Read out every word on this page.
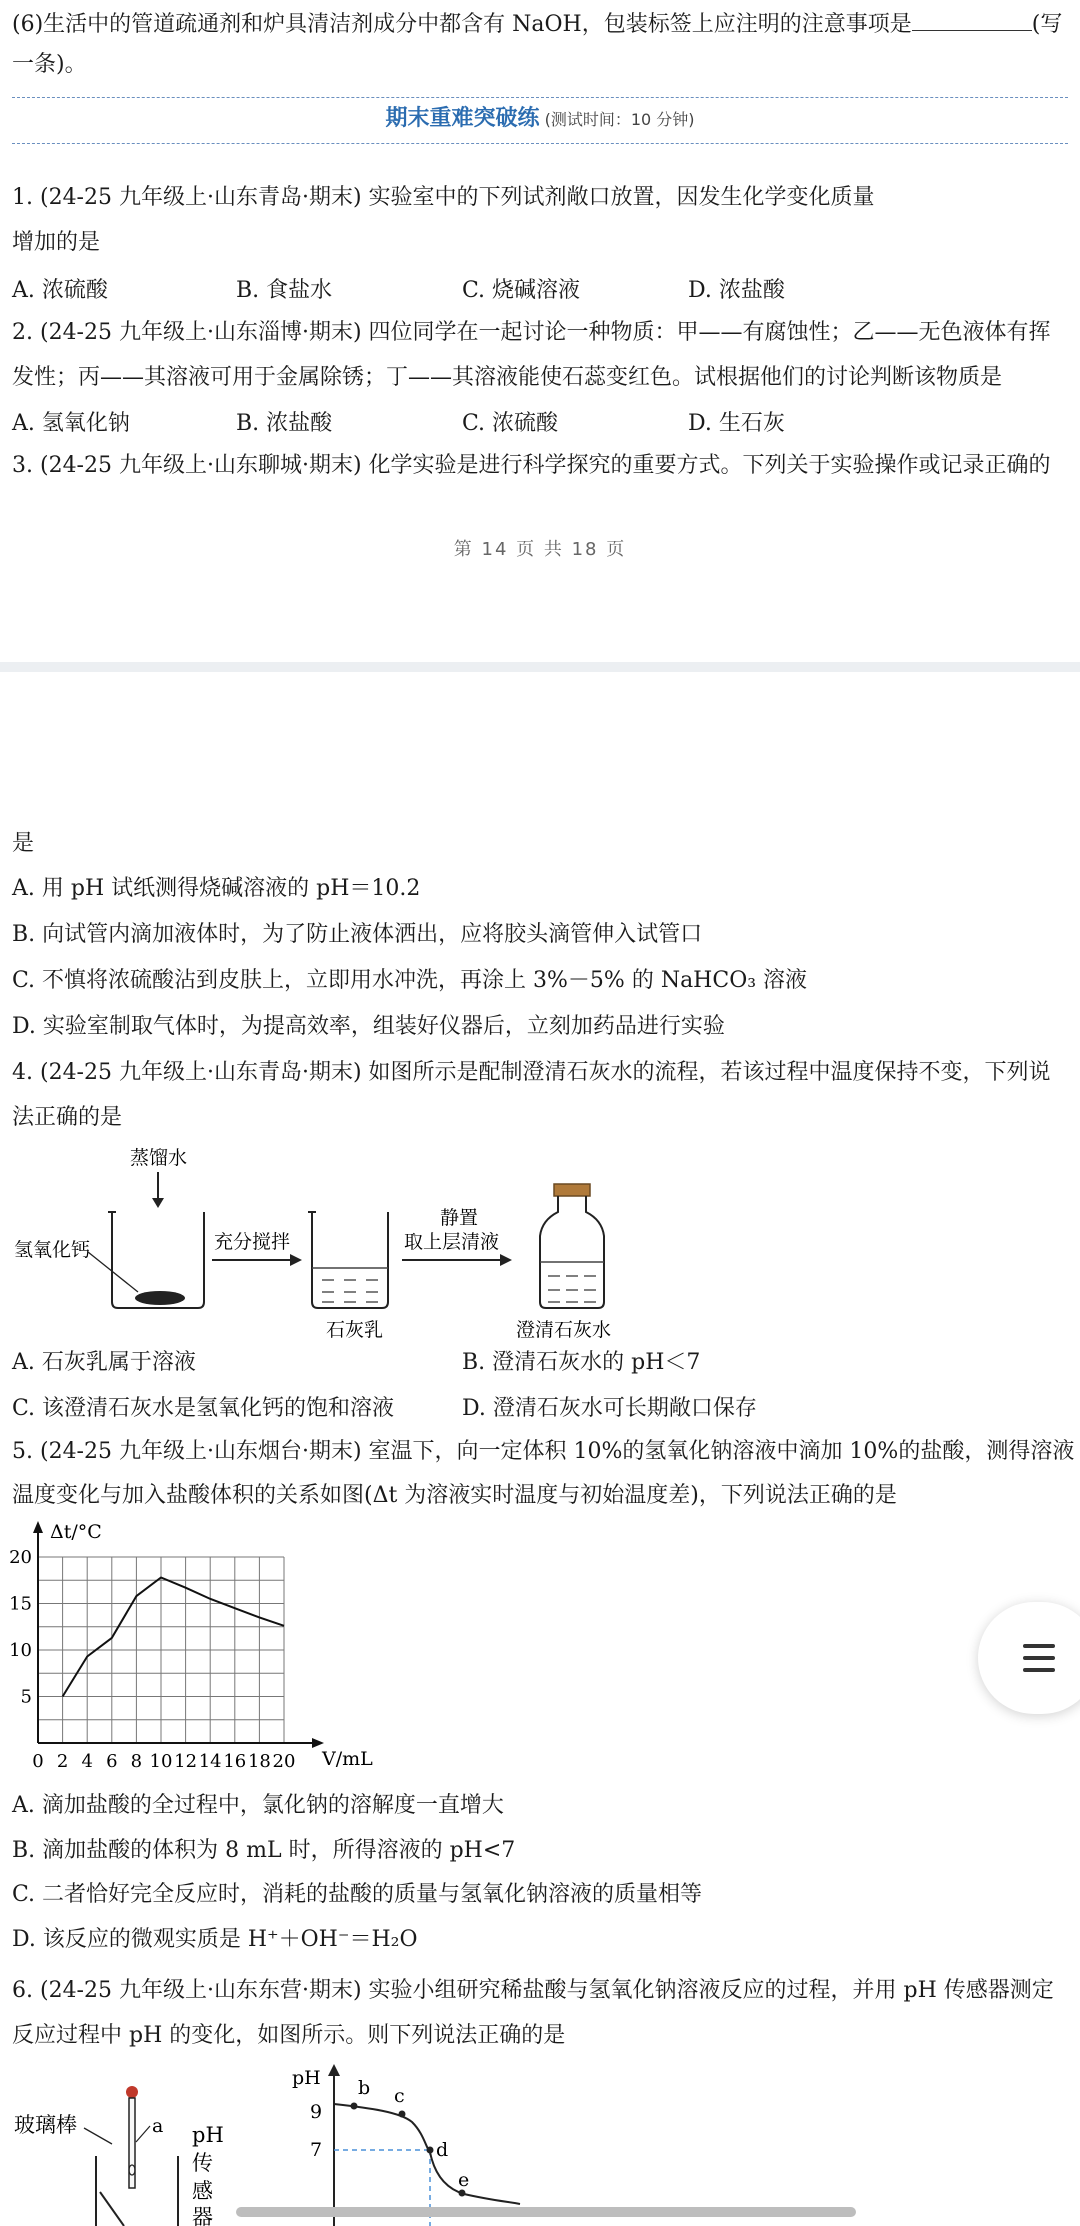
(6)生活中的管道疏通剂和炉具清洁剂成分中都含有 NaOH，包装标签上应注明的注意事项是	(写
一条)。
期末重难突破练 (测试时间：10 分钟)
1. (24-25 九年级上·山东青岛·期末) 实验室中的下列试剂敞口放置，因发生化学变化质量
增加的是
A. 浓硫酸	B. 食盐水	C. 烧碱溶液	D. 浓盐酸
2. (24-25 九年级上·山东淄博·期末) 四位同学在一起讨论一种物质：甲——有腐蚀性；乙——无色液体有挥
发性；丙——其溶液可用于金属除锈；丁——其溶液能使石蕊变红色。试根据他们的讨论判断该物质是
A. 氢氧化钠	B. 浓盐酸	C. 浓硫酸	D. 生石灰
3. (24-25 九年级上·山东聊城·期末) 化学实验是进行科学探究的重要方式。下列关于实验操作或记录正确的
第 14 页 共 18 页
是
A. 用 pH 试纸测得烧碱溶液的 pH＝10.2
B. 向试管内滴加液体时，为了防止液体洒出，应将胶头滴管伸入试管口
C. 不慎将浓硫酸沾到皮肤上，立即用水冲洗，再涂上 3%－5% 的 NaHCO₃ 溶液
D. 实验室制取气体时，为提高效率，组装好仪器后，立刻加药品进行实验
4. (24-25 九年级上·山东青岛·期末) 如图所示是配制澄清石灰水的流程，若该过程中温度保持不变，下列说
法正确的是
蒸馏水
氢氧化钙	充分搅拌
石灰乳
静置
取上层清液
澄清石灰水
A. 石灰乳属于溶液	B. 澄清石灰水的 pH＜7
C. 该澄清石灰水是氢氧化钙的饱和溶液	D. 澄清石灰水可长期敞口保存
5. (24-25 九年级上·山东烟台·期末) 室温下，向一定体积 10%的氢氧化钠溶液中滴加 10%的盐酸，测得溶液
温度变化与加入盐酸体积的关系如图(Δt 为溶液实时温度与初始温度差)，下列说法正确的是
0 2 4 6 8 10 12 14 16 18 20
5
10
15
20
Δt/°C
V/mL
A. 滴加盐酸的全过程中，氯化钠的溶解度一直增大
B. 滴加盐酸的体积为 8 mL 时，所得溶液的 pH<7
C. 二者恰好完全反应时，消耗的盐酸的质量与氢氧化钠溶液的质量相等
D. 该反应的微观实质是 H⁺＋OH⁻＝H₂O
6. (24-25 九年级上·山东东营·期末) 实验小组研究稀盐酸与氢氧化钠溶液反应的过程，并用 pH 传感器测定
反应过程中 pH 的变化，如图所示。则下列说法正确的是
玻璃棒	a pH
传
感
器
pH
9
7
b c
d
e
